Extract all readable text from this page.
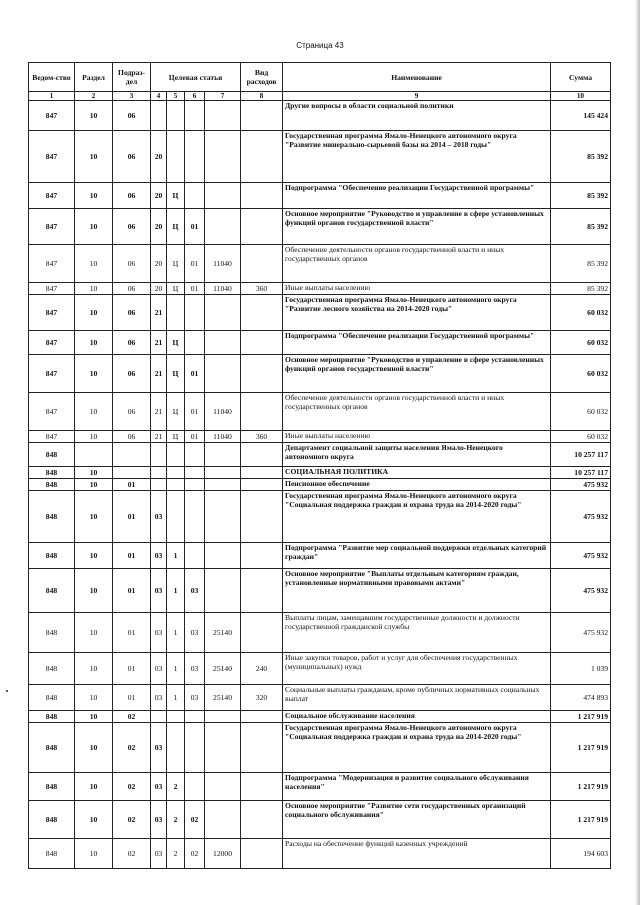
Страница 43
Ведом-ство	Раздел	Подраз-дел	Целевая статья				Вид расходов	Наименование	Сумма
1	2	3	4	5	6	7	8	9	10
847	10	06						Другие вопросы в области социальной политики	145 424
847	10	06	20					Государственная программа Ямало-Ненецкого автономного округа "Развитие минерально-сырьевой базы на 2014 – 2018 годы"	85 392
847	10	06	20	Ц				Подпрограмма "Обеспечение реализации Государственной программы"	85 392
847	10	06	20	Ц	01			Основное мероприятие "Руководство и управление в сфере установленных функций органов государственной власти"	85 392
847	10	06	20	Ц	01	11040		Обеспечение деятельности органов государственной власти и иных государственных органов	85 392
847	10	06	20	Ц	01	11040	360	Иные выплаты населению	85 392
847	10	06	21					Государственная программа Ямало-Ненецкого автономного округа "Развитие лесного хозяйства на 2014-2020 годы"	60 032
847	10	06	21	Ц				Подпрограмма "Обеспечение реализации Государственной программы"	60 032
847	10	06	21	Ц	01			Основное мероприятие "Руководство и управление в сфере установленных функций органов государственной власти"	60 032
847	10	06	21	Ц	01	11040		Обеспечение деятельности органов государственной власти и иных государственных органов	60 032
847	10	06	21	Ц	01	11040	360	Иные выплаты населению	60 032
848								Департамент социальной защиты населения Ямало-Ненецкого автономного округа	10 257 117
848	10							СОЦИАЛЬНАЯ ПОЛИТИКА	10 257 117
848	10	01						Пенсионное обеспечение	475 932
848	10	01	03					Государственная программа Ямало-Ненецкого автономного округа "Социальная поддержка граждан и охрана труда на 2014-2020 годы"	475 932
848	10	01	03	1				Подпрограмма "Развитие мер социальной поддержки отдельных категорий граждан"	475 932
848	10	01	03	1	03			Основное мероприятие "Выплаты отдельным категориям граждан, установленные нормативными правовыми актами"	475 932
848	10	01	03	1	03	25140		Выплаты лицам, замещавшим государственные должности и должности государственной гражданской службы	475 932
848	10	01	03	1	03	25140	240	Иные закупки товаров, работ и услуг для обеспечения государственных (муниципальных) нужд	1 039
848	10	01	03	1	03	25140	320	Социальные выплаты гражданам, кроме публичных нормативных социальных выплат	474 893
848	10	02						Социальное обслуживание населения	1 217 919
848	10	02	03					Государственная программа Ямало-Ненецкого автономного округа "Социальная поддержка граждан и охрана труда на 2014-2020 годы"	1 217 919
848	10	02	03	2				Подпрограмма "Модернизация и развитие социального обслуживания населения"	1 217 919
848	10	02	03	2	02			Основное мероприятие "Развитие сети государственных организаций социального обслуживания"	1 217 919
848	10	02	03	2	02	12000		Расходы на обеспечение функций казенных учреждений	194 603
